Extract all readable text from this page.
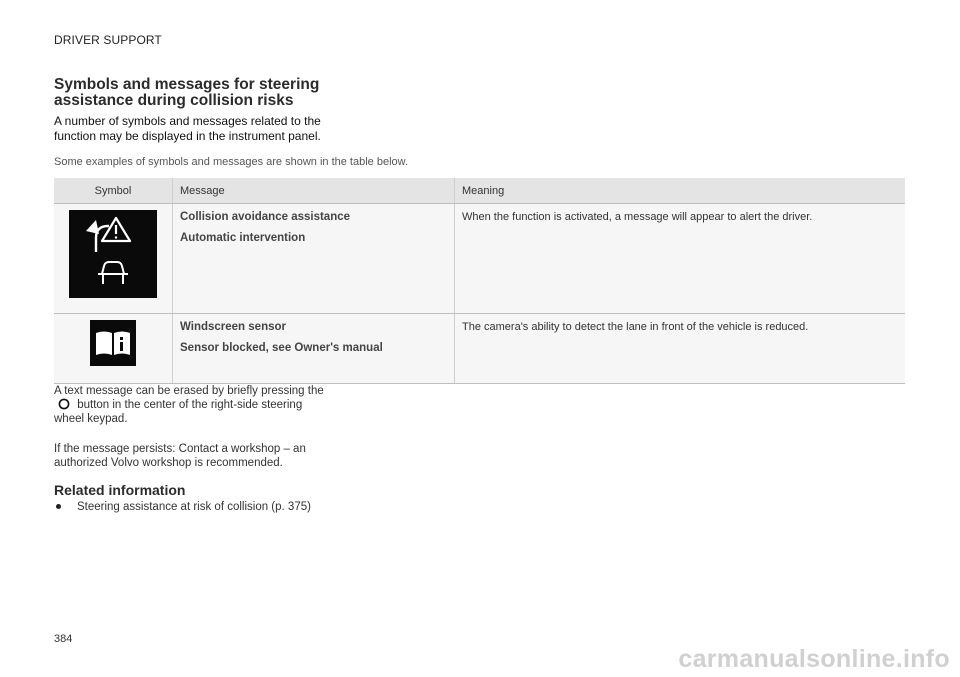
DRIVER SUPPORT
Symbols and messages for steering assistance during collision risks

A number of symbols and messages related to the function may be displayed in the instrument panel.

Some examples of symbols and messages are shown in the table below.
Symbol	Message	Meaning

Collision avoidance assistance

Automatic intervention	When the function is activated, a message will appear to alert the driver.

Windscreen sensor

Sensor blocked, see Owner's manual	The camera's ability to detect the lane in front of the vehicle is reduced.

A text message can be erased by briefly pressing the  button in the center of the right-side steering wheel keypad.

If the message persists: Contact a workshop – an authorized Volvo workshop is recommended.

Related information
Steering assistance at risk of collision (p. 375)
384
carmanualsonline.info
